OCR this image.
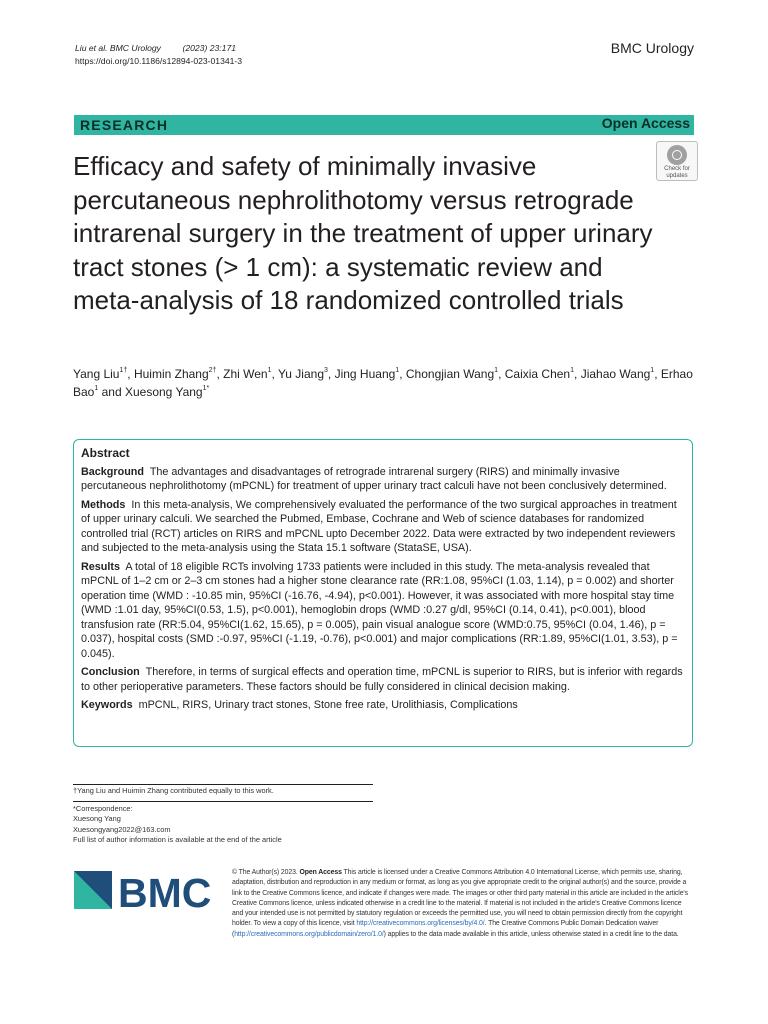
Liu et al. BMC Urology	(2023) 23:171
https://doi.org/10.1186/s12894-023-01341-3
BMC Urology
RESEARCH	Open Access
Efficacy and safety of minimally invasive percutaneous nephrolithotomy versus retrograde intrarenal surgery in the treatment of upper urinary tract stones (> 1 cm): a systematic review and meta-analysis of 18 randomized controlled trials
Check for
updates
Yang Liu$^{1\dagger}$, Huimin Zhang$^{2\dagger}$, Zhi Wen$^1$, Yu Jiang$^3$, Jing Huang$^1$, Chongjian Wang$^1$, Caixia Chen$^1$, Jiahao Wang$^1$, Erhao Bao$^1$ and Xuesong Yang$^{1*}$
Abstract

Background The advantages and disadvantages of retrograde intrarenal surgery (RIRS) and minimally invasive percutaneous nephrolithotomy (mPCNL) for treatment of upper urinary tract calculi have not been conclusively determined.

Methods In this meta-analysis, We comprehensively evaluated the performance of the two surgical approaches in treatment of upper urinary calculi. We searched the Pubmed, Embase, Cochrane and Web of science databases for randomized controlled trial (RCT) articles on RIRS and mPCNL upto December 2022. Data were extracted by two independent reviewers and subjected to the meta-analysis using the Stata 15.1 software (StataSE, USA).

Results A total of 18 eligible RCTs involving 1733 patients were included in this study. The meta-analysis revealed that mPCNL of 1–2 cm or 2–3 cm stones had a higher stone clearance rate (RR:1.08, 95%CI (1.03, 1.14), p = 0.002) and shorter operation time (WMD : -10.85 min, 95%CI (-16.76, -4.94), p<0.001). However, it was associated with more hospital stay time (WMD :1.01 day, 95%CI(0.53, 1.5), p<0.001), hemoglobin drops (WMD :0.27 g/dl, 95%CI (0.14, 0.41), p<0.001), blood transfusion rate (RR:5.04, 95%CI(1.62, 15.65), p = 0.005), pain visual analogue score (WMD:0.75, 95%CI (0.04, 1.46), p = 0.037), hospital costs (SMD :-0.97, 95%CI (-1.19, -0.76), p<0.001) and major complications (RR:1.89, 95%CI(1.01, 3.53), p = 0.045).

Conclusion Therefore, in terms of surgical effects and operation time, mPCNL is superior to RIRS, but is inferior with regards to other perioperative parameters. These factors should be fully considered in clinical decision making.

Keywords mPCNL, RIRS, Urinary tract stones, Stone free rate, Urolithiasis, Complications

†Yang Liu and Huimin Zhang contributed equally to this work.
*Correspondence:
Xuesong Yang
Xuesongyang2022@163.com
Full list of author information is available at the end of the article
BMC	© The Author(s) 2023. Open Access This article is licensed under a Creative Commons Attribution 4.0 International License, which permits use, sharing, adaptation, distribution and reproduction in any medium or format, as long as you give appropriate credit to the original author(s) and the source, provide a link to the Creative Commons licence, and indicate if changes were made. The images or other third party material in this article are included in the article's Creative Commons licence, unless indicated otherwise in a credit line to the material. If material is not included in the article's Creative Commons licence and your intended use is not permitted by statutory regulation or exceeds the permitted use, you will need to obtain permission directly from the copyright holder. To view a copy of this licence, visit http://creativecommons.org/licenses/by/4.0/. The Creative Commons Public Domain Dedication waiver (http://creativecommons.org/publicdomain/zero/1.0/) applies to the data made available in this article, unless otherwise stated in a credit line to the data.
